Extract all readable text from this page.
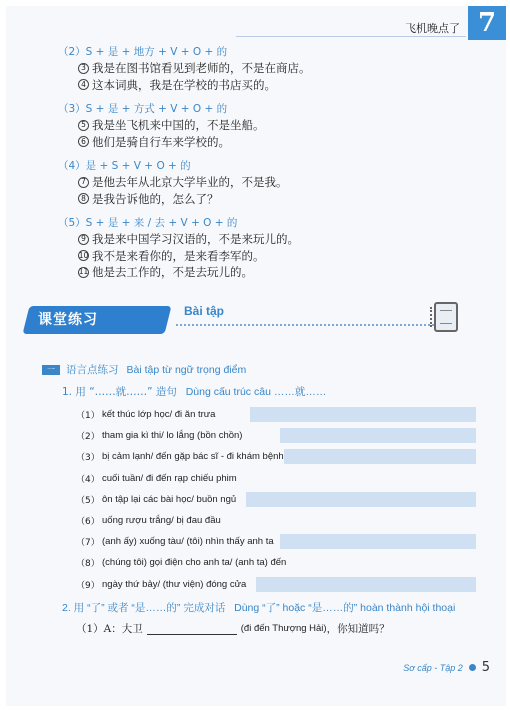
飞机晚点了 7
（2）S + 是 + 地方 + V + O + 的
3 我是在图书馆看见到老师的，不是在商店。
4 这本词典，我是在学校的书店买的。
（3）S + 是 + 方式 + V + O + 的
5 我是坐飞机来中国的，不是坐船。
6 他们是骑自行车来学校的。
（4）是 + S + V + O + 的
7 是他去年从北京大学毕业的，不是我。
8 是我告诉他的，怎么了？
（5）S + 是 + 来 / 去 + V + O + 的
9 我是来中国学习汉语的，不是来玩儿的。
10 我不是来看你的，是来看李军的。
11 他是去工作的，不是去玩儿的。
课堂练习
Bài tập
一	语言点练习 Bài tập từ ngữ trọng điểm
1. 用 “……就……” 造句 Dùng cấu trúc câu ……就……
（1） kết thúc lớp học/ đi ăn trưa
（2） tham gia kì thi/ lo lắng (bồn chồn)
（3） bị cảm lạnh/ đến gặp bác sĩ - đi khám bệnh
（4） cuối tuần/ đi đến rạp chiếu phim
（5） ôn tập lại các bài học/ buồn ngủ
（6） uống rượu trắng/ bị đau đầu
（7） (anh ấy) xuống tàu/ (tôi) nhìn thấy anh ta
（8） (chúng tôi) gọi điện cho anh ta/ (anh ta) đến
（9） ngày thứ bảy/ (thư viện) đóng cửa
2. 用 “了” 或者 “是……的” 完成对话 Dùng “了” hoặc “是……的” hoàn thành hội thoại
（1）A：大卫	(đi đến Thượng Hải) ，你知道吗？
Sơ cấp - Tập 2 5
